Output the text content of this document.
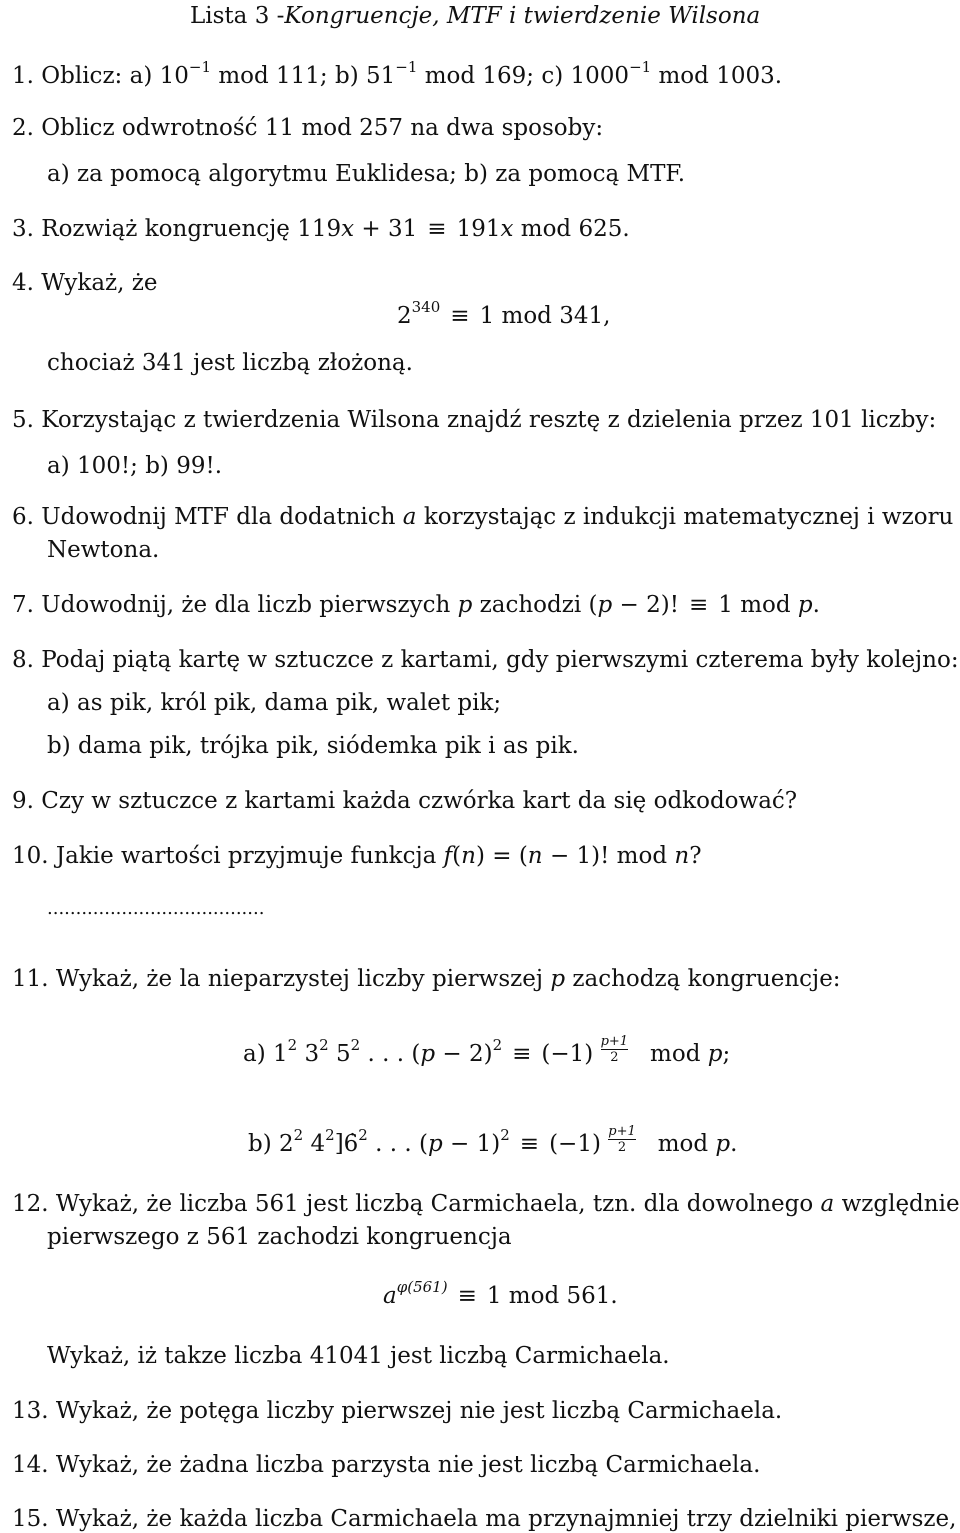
Lista 3 -Kongruencje, MTF i twierdzenie Wilsona
1. Oblicz: a) $10^{-1}$ mod 111; b) $51^{-1}$ mod 169; c) $1000^{-1}$ mod 1003.
2. Oblicz odwrotność 11 mod 257 na dwa sposoby:
a) za pomocą algorytmu Euklidesa; b) za pomocą MTF.
3. Rozwiąż kongruencję 119x + 31 ≡ 191x mod 625.
4. Wykaż, że
$2^{340} \equiv 1$ mod 341,
chociaż 341 jest liczbą złożoną.
5. Korzystając z twierdzenia Wilsona znajdź resztę z dzielenia przez 101 liczby:
a) 100!; b) 99!.
6. Udowodnij MTF dla dodatnich a korzystając z indukcji matematycznej i wzoru
Newtona.
7. Udowodnij, że dla liczb pierwszych p zachodzi (p − 2)! ≡ 1 mod p.
8. Podaj piątą kartę w sztuczce z kartami, gdy pierwszymi czterema były kolejno:
a) as pik, król pik, dama pik, walet pik;
b) dama pik, trójka pik, siódemka pik i as pik.
9. Czy w sztuczce z kartami każda czwórka kart da się odkodować?
10. Jakie wartości przyjmuje funkcja f(n) = (n − 1)! mod n?
......................................
11. Wykaż, że la nieparzystej liczby pierwszej p zachodzą kongruencje:
a) $1^2$ $3^2$ $5^2$ . . . $(p - 2)^2 \equiv (-1) \frac{p+1}{2}$ mod p;
b) $2^2$ $4^2]6̇^2$ . . . $(p - 1)^2 \equiv (-1) \frac{p+1}{2}$ mod p.
12. Wykaż, że liczba 561 jest liczbą Carmichaela, tzn. dla dowolnego a względnie
pierwszego z 561 zachodzi kongruencja
$a^{\varphi(561)} \equiv 1$ mod 561.
Wykaż, iż takze liczba 41041 jest liczbą Carmichaela.
13. Wykaż, że potęga liczby pierwszej nie jest liczbą Carmichaela.
14. Wykaż, że żadna liczba parzysta nie jest liczbą Carmichaela.
15. Wykaż, że każda liczba Carmichaela ma przynajmniej trzy dzielniki pierwsze,
